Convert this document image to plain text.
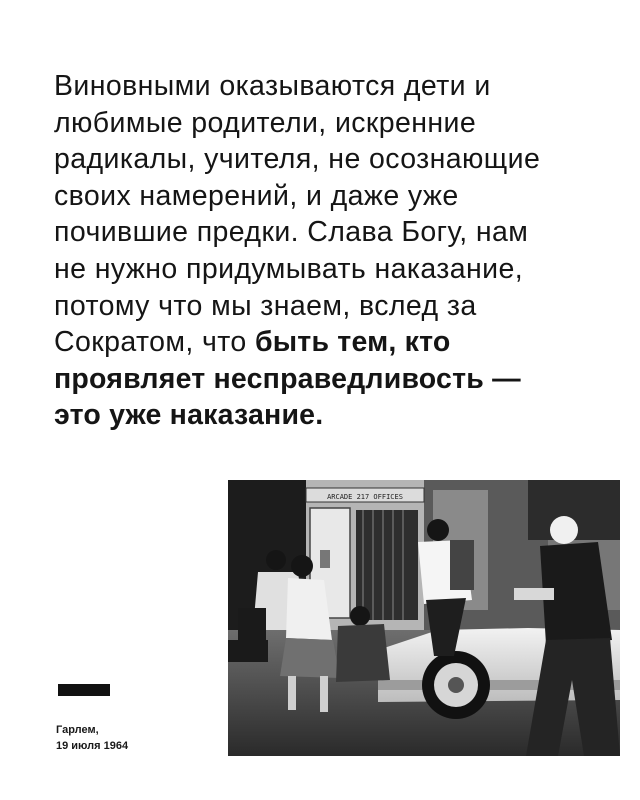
Виновными оказываются дети и
любимые родители, искренние
радикалы, учителя, не осознающие
своих намерений, и даже уже
почившие предки. Слава Богу, нам
не нужно придумывать наказание,
потому что мы знаем, вслед за
Сократом, что быть тем, кто
проявляет несправедливость —
это уже наказание.
ARCADE 217 OFFICES
Гарлем,
19 июля 1964
